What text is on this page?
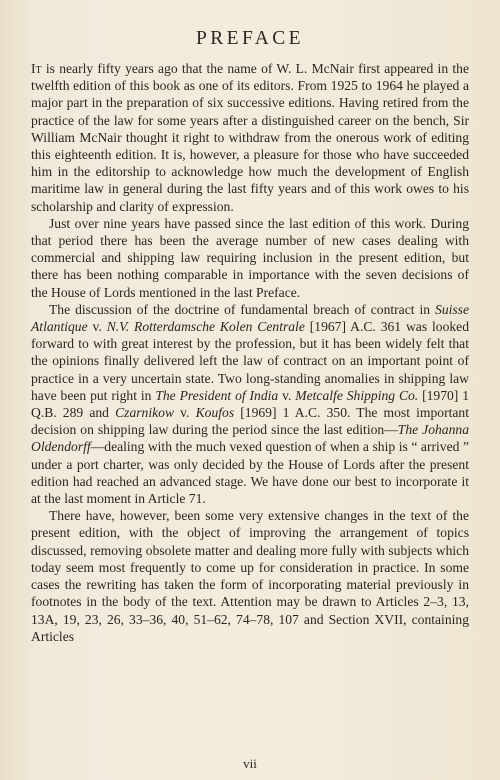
PREFACE

It is nearly fifty years ago that the name of W. L. McNair first appeared in the twelfth edition of this book as one of its editors. From 1925 to 1964 he played a major part in the preparation of six successive editions. Having retired from the practice of the law for some years after a distinguished career on the bench, Sir William McNair thought it right to withdraw from the onerous work of editing this eighteenth edition. It is, however, a pleasure for those who have succeeded him in the editorship to acknowledge how much the development of English maritime law in general during the last fifty years and of this work owes to his scholarship and clarity of expression.

Just over nine years have passed since the last edition of this work. During that period there has been the average number of new cases dealing with commercial and shipping law requiring inclusion in the present edition, but there has been nothing comparable in importance with the seven decisions of the House of Lords mentioned in the last Preface.

The discussion of the doctrine of fundamental breach of contract in Suisse Atlantique v. N.V. Rotterdamsche Kolen Centrale [1967] A.C. 361 was looked forward to with great interest by the profession, but it has been widely felt that the opinions finally delivered left the law of contract on an important point of practice in a very uncertain state. Two long-standing anomalies in shipping law have been put right in The President of India v. Metcalfe Shipping Co. [1970] 1 Q.B. 289 and Czarnikow v. Koufos [1969] 1 A.C. 350. The most important decision on shipping law during the period since the last edition—The Johanna Oldendorff—dealing with the much vexed question of when a ship is “ arrived ” under a port charter, was only decided by the House of Lords after the present edition had reached an advanced stage. We have done our best to incorporate it at the last moment in Article 71.

There have, however, been some very extensive changes in the text of the present edition, with the object of improving the arrangement of topics discussed, removing obsolete matter and dealing more fully with subjects which today seem most frequently to come up for consideration in practice. In some cases the rewriting has taken the form of incorporating material previously in footnotes in the body of the text. Attention may be drawn to Articles 2–3, 13, 13A, 19, 23, 26, 33–36, 40, 51–62, 74–78, 107 and Section XVII, containing Articles

vii
